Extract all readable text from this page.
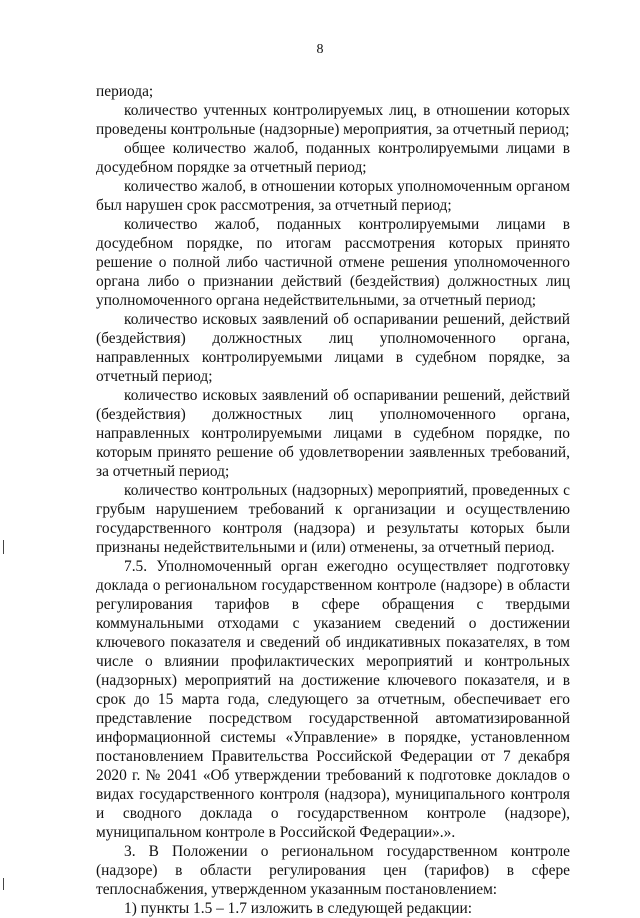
8

периода;

количество учтенных контролируемых лиц, в отношении которых проведены контрольные (надзорные) мероприятия, за отчетный период;

общее количество жалоб, поданных контролируемыми лицами в досудебном порядке за отчетный период;

количество жалоб, в отношении которых уполномоченным органом был нарушен срок рассмотрения, за отчетный период;

количество жалоб, поданных контролируемыми лицами в досудебном порядке, по итогам рассмотрения которых принято решение о полной либо частичной отмене решения уполномоченного органа либо о признании действий (бездействия) должностных лиц уполномоченного органа недействительными, за отчетный период;

количество исковых заявлений об оспаривании решений, действий (бездействия) должностных лиц уполномоченного органа, направленных контролируемыми лицами в судебном порядке, за отчетный период;

количество исковых заявлений об оспаривании решений, действий (бездействия) должностных лиц уполномоченного органа, направленных контролируемыми лицами в судебном порядке, по которым принято решение об удовлетворении заявленных требований, за отчетный период;

количество контрольных (надзорных) мероприятий, проведенных с грубым нарушением требований к организации и осуществлению государственного контроля (надзора) и результаты которых были признаны недействительными и (или) отменены, за отчетный период.

7.5. Уполномоченный орган ежегодно осуществляет подготовку доклада о региональном государственном контроле (надзоре) в области регулирования тарифов в сфере обращения с твердыми коммунальными отходами с указанием сведений о достижении ключевого показателя и сведений об индикативных показателях, в том числе о влиянии профилактических мероприятий и контрольных (надзорных) мероприятий на достижение ключевого показателя, и в срок до 15 марта года, следующего за отчетным, обеспечивает его представление посредством государственной автоматизированной информационной системы «Управление» в порядке, установленном постановлением Правительства Российской Федерации от 7 декабря 2020 г. № 2041 «Об утверждении требований к подготовке докладов о видах государственного контроля (надзора), муниципального контроля и сводного доклада о государственном контроле (надзоре), муниципальном контроле в Российской Федерации».».

3. В Положении о региональном государственном контроле (надзоре) в области регулирования цен (тарифов) в сфере теплоснабжения, утвержденном указанным постановлением:

1) пункты 1.5 – 1.7 изложить в следующей редакции:
